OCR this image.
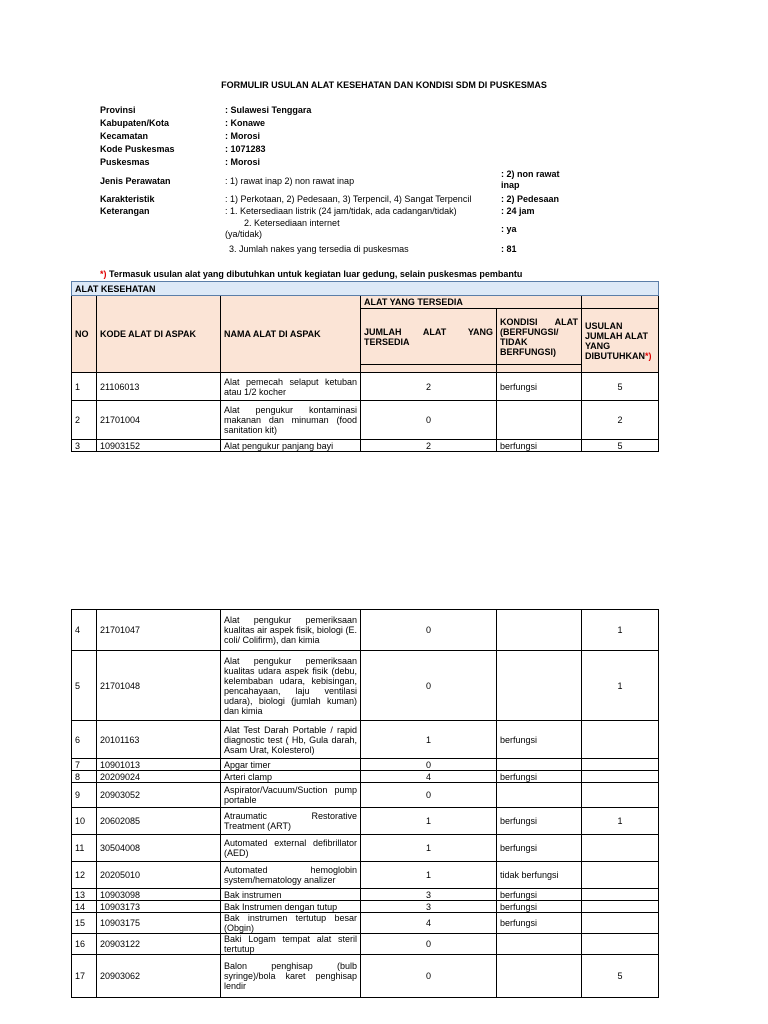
FORMULIR USULAN ALAT KESEHATAN DAN KONDISI SDM DI PUSKESMAS
Provinsi	: Sulawesi Tenggara
Kabupaten/Kota	: Konawe
Kecamatan	: Morosi
Kode Puskesmas	: 1071283
Puskesmas	: Morosi
Jenis Perawatan	: 1) rawat inap 2) non rawat inap
: 2) non rawat
inap
Karakteristik	: 1) Perkotaan, 2) Pedesaan, 3) Terpencil, 4) Sangat Terpencil	: 2) Pedesaan
Keterangan	: 1. Ketersediaan listrik (24 jam/tidak, ada cadangan/tidak)	: 24 jam
2. Ketersediaan internet
(ya/tidak)	: ya
3. Jumlah nakes yang tersedia di puskesmas	: 81
*) Termasuk usulan alat yang dibutuhkan untuk kegiatan luar gedung, selain puskesmas pembantu
ALAT KESEHATAN					
NO	KODE ALAT DI ASPAK	NAMA ALAT DI ASPAK	ALAT YANG TERSEDIA		
			JUMLAH ALAT YANG TERSEDIA	KONDISI ALAT (BERFUNGSI/ TIDAK BERFUNGSI)	USULAN JUMLAH ALAT YANG DIBUTUHKAN*)

1	21106013	Alat pemecah selaput ketuban atau 1/2 kocher	2	berfungsi	5
2	21701004	Alat pengukur kontaminasi makanan dan minuman (food sanitation kit)	0		2
3	10903152	Alat pengukur panjang bayi	2	berfungsi	5
4	21701047	Alat pengukur pemeriksaan kualitas air aspek fisik, biologi (E. coli/ Colifirm), dan kimia	0		1
5	21701048	Alat pengukur pemeriksaan kualitas udara aspek fisik (debu, kelembaban udara, kebisingan, pencahayaan, laju ventilasi udara), biologi (jumlah kuman) dan kimia	0		1
6	20101163	Alat Test Darah Portable / rapid diagnostic test ( Hb, Gula darah, Asam Urat, Kolesterol)	1	berfungsi	
7	10901013	Apgar timer	0		
8	20209024	Arteri clamp	4	berfungsi	
9	20903052	Aspirator/Vacuum/Suction pump portable	0		
10	20602085	Atraumatic Restorative Treatment (ART)	1	berfungsi	1
11	30504008	Automated external defibrillator (AED)	1	berfungsi	
12	20205010	Automated hemoglobin system/hematology analizer	1	tidak berfungsi	
13	10903098	Bak instrumen	3	berfungsi	
14	10903173	Bak Instrumen dengan tutup	3	berfungsi	
15	10903175	Bak instrumen tertutup besar (Obgin)	4	berfungsi	
16	20903122	Baki Logam tempat alat steril tertutup	0		
17	20903062	Balon penghisap (bulb syringe)/bola karet penghisap lendir	0		5
